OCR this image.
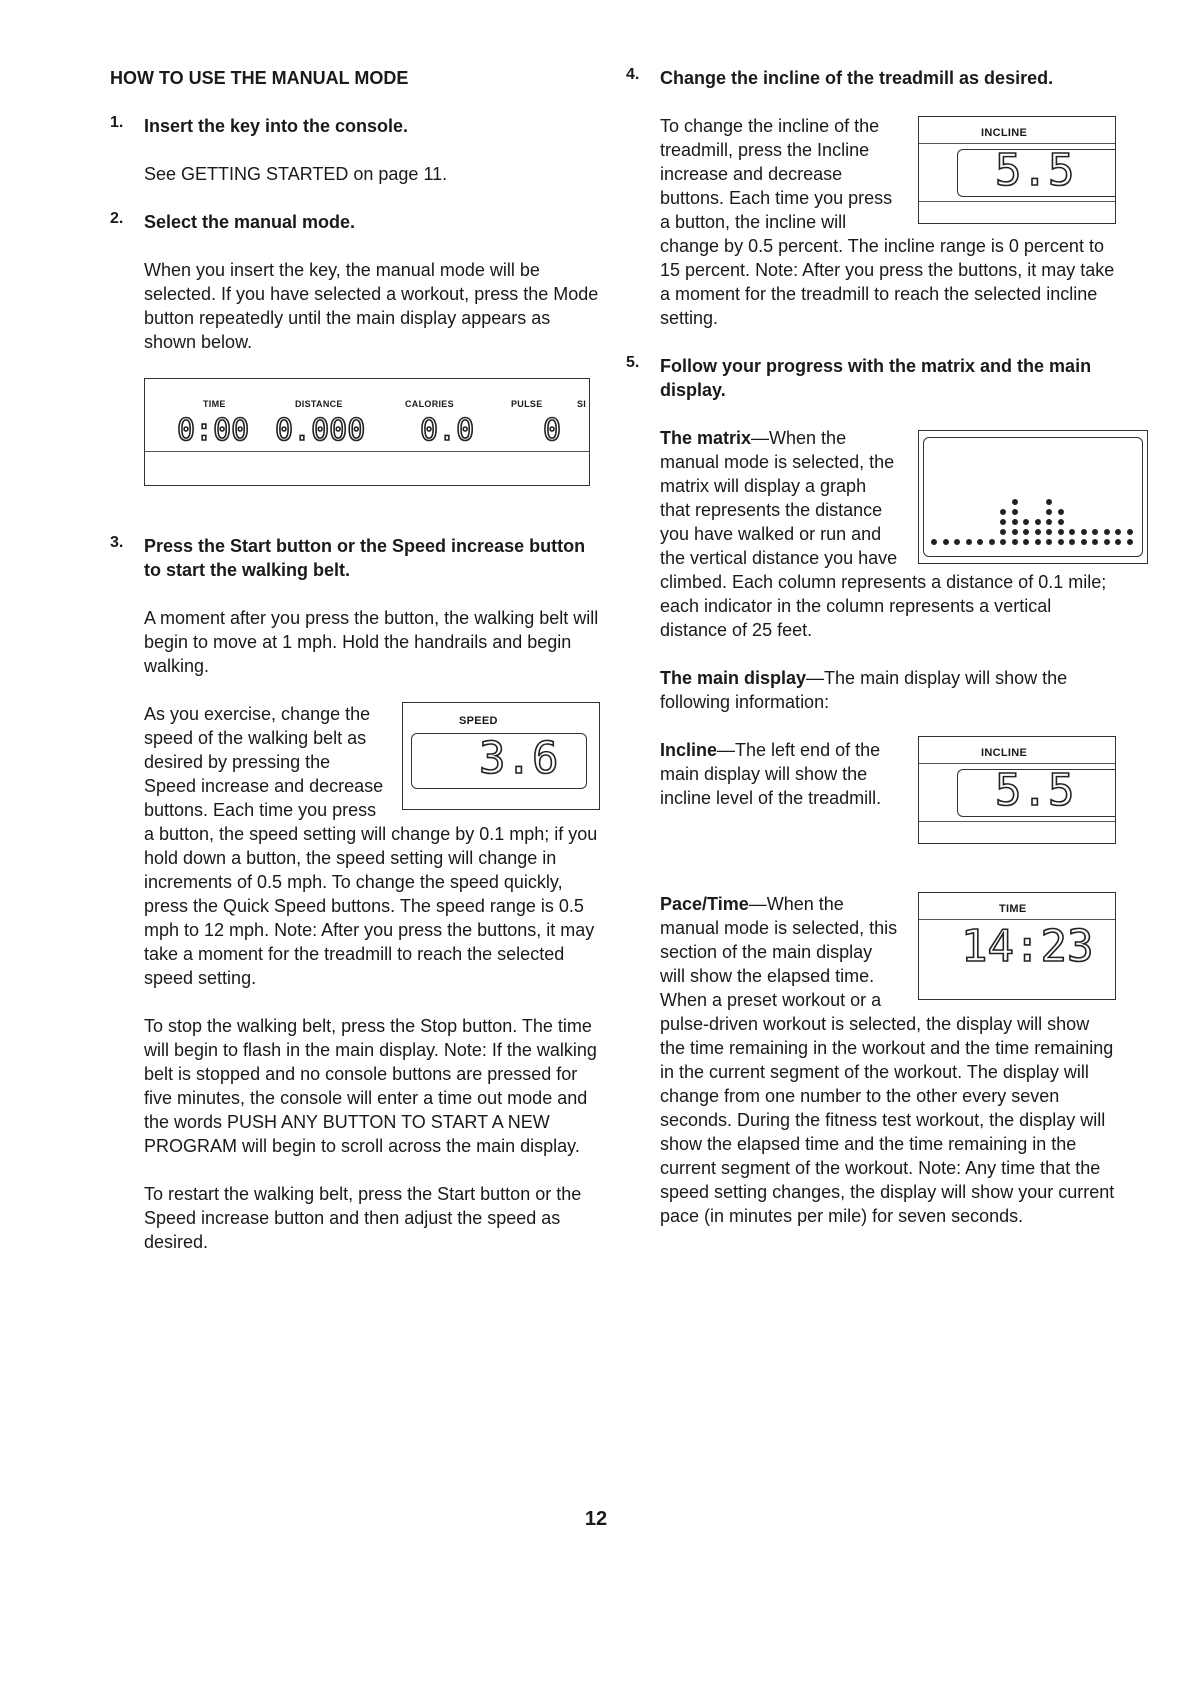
HOW TO USE THE MANUAL MODE

1. Insert the key into the console.

See GETTING STARTED on page 11.

2. Select the manual mode.

When you insert the key, the manual mode will be selected. If you have selected a workout, press the Mode button repeatedly until the main display appears as shown below.

TIME	DISTANCE	CALORIES	PULSE	SI
0:00 0.000 0.0 0
3. Press the Start button or the Speed increase button to start the walking belt.

A moment after you press the button, the walking belt will begin to move at 1 mph. Hold the handrails and begin walking.

SPEED
3.6

As you exercise, change the speed of the walking belt as desired by pressing the Speed increase and decrease buttons. Each time you press a button, the speed setting will change by 0.1 mph; if you hold down a button, the speed setting will change in increments of 0.5 mph. To change the speed quickly, press the Quick Speed buttons. The speed range is 0.5 mph to 12 mph. Note: After you press the buttons, it may take a moment for the treadmill to reach the selected speed setting.

To stop the walking belt, press the Stop button. The time will begin to flash in the main display. Note: If the walking belt is stopped and no console buttons are pressed for five minutes, the console will enter a time out mode and the words PUSH ANY BUTTON TO START A NEW PROGRAM will begin to scroll across the main display.

To restart the walking belt, press the Start button or the Speed increase button and then adjust the speed as desired.

4. Change the incline of the treadmill as desired.

INCLINE
5.5

To change the incline of the treadmill, press the Incline increase and decrease buttons. Each time you press a button, the incline will change by 0.5 percent. The incline range is 0 percent to 15 percent. Note: After you press the buttons, it may take a moment for the treadmill to reach the selected incline setting.

5. Follow your progress with the matrix and the main display.

The matrix—When the manual mode is selected, the matrix will display a graph that represents the distance you have walked or run and the vertical distance you have climbed. Each column represents a distance of 0.1 mile; each indicator in the column represents a vertical distance of 25 feet.

The main display—The main display will show the following information:

INCLINE
5.5

Incline—The left end of the main display will show the incline level of the treadmill.

TIME
14:23

Pace/Time—When the manual mode is selected, this section of the main display will show the elapsed time. When a preset workout or a pulse-driven workout is selected, the display will show the time remaining in the workout and the time remaining in the current segment of the workout. The display will change from one number to the other every seven seconds. During the fitness test workout, the display will show the elapsed time and the time remaining in the current segment of the workout. Note: Any time that the speed setting changes, the display will show your current pace (in minutes per mile) for seven seconds.

12
